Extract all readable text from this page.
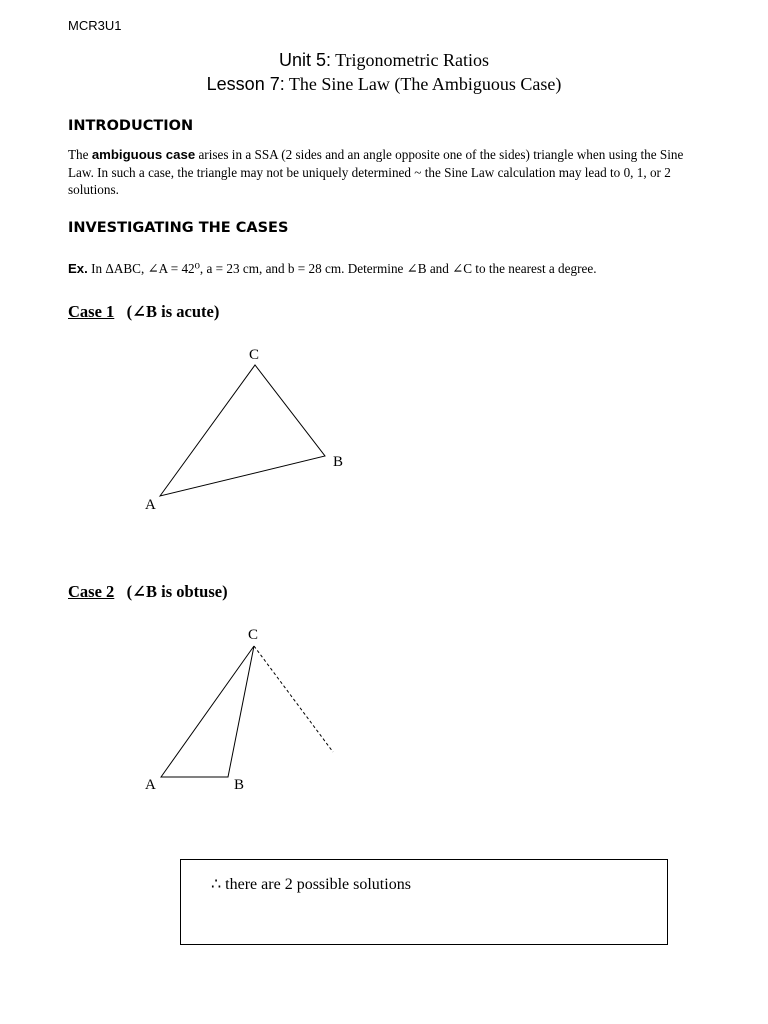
MCR3U1
Unit 5: Trigonometric Ratios
Lesson 7: The Sine Law (The Ambiguous Case)
INTRODUCTION
The ambiguous case arises in a SSA (2 sides and an angle opposite one of the sides) triangle when using the Sine Law. In such a case, the triangle may not be uniquely determined ~ the Sine Law calculation may lead to 0, 1, or 2 solutions.
INVESTIGATING THE CASES
Ex. In ΔABC, ∠A = 42⁰, a = 23 cm, and b = 28 cm. Determine ∠B and ∠C to the nearest a degree.
Case 1 (∠B is acute)
C
B
A
C
A	B
Case 2 (∠B is obtuse)
∴ there are 2 possible solutions
